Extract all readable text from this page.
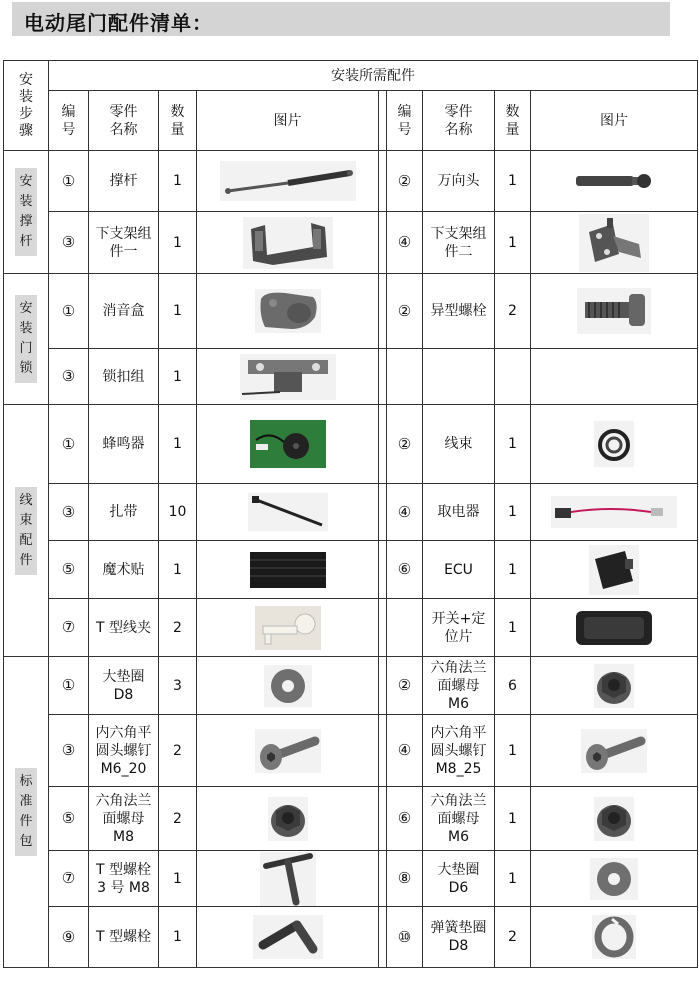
电动尾门配件清单：
安装步骤	安装所需配件								
	编号	零件名称	数量	图片		编号	零件名称	数量	图片
安装撑杆	①	撑杆	1			②	万向头	1	

	③	下支架组件一	1			④	下支架组件二	1	

安装门锁	①	消音盒	1			②	异型螺栓	2	

	③	锁扣组	1	

线束配件	①	蜂鸣器	1			②	线束	1	

	③	扎带	10			④	取电器	1	

	⑤	魔术贴	1			⑥	ECU	1	

	⑦	T 型线夹	2				开关+定位片	1	

标准件包	①	大垫圈 D8	3			②	六角法兰面螺母 M6	6	

	③	内六角平圆头螺钉 M6_20	2			④	内六角平圆头螺钉 M8_25	1	

	⑤	六角法兰面螺母 M8	2			⑥	六角法兰面螺母 M6	1	

	⑦	T 型螺栓 3 号 M8	1			⑧	大垫圈 D6	1	

	⑨	T 型螺栓	1			⑩	弹簧垫圈 D8	2	
